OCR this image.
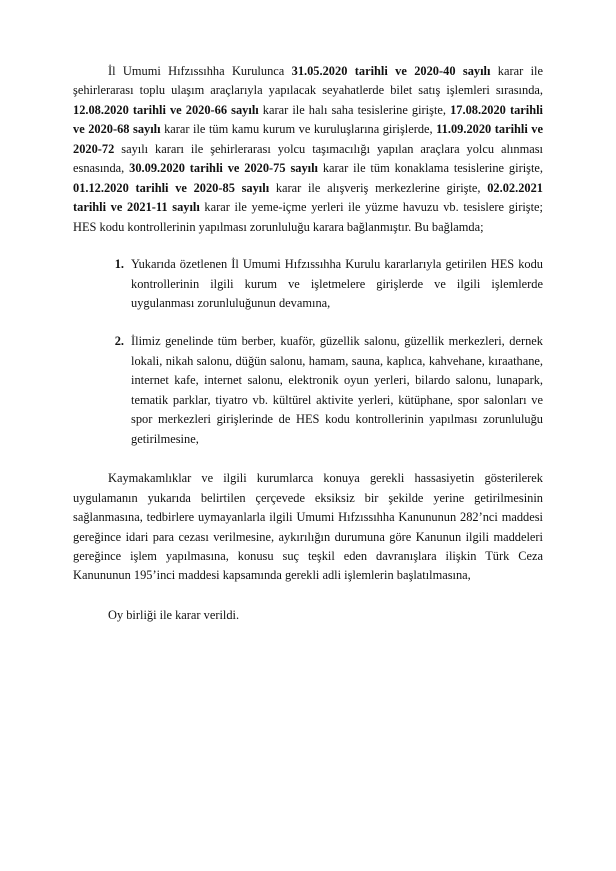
İl Umumi Hıfzıssıhha Kurulunca 31.05.2020 tarihli ve 2020-40 sayılı karar ile şehirlerarası toplu ulaşım araçlarıyla yapılacak seyahatlerde bilet satış işlemleri sırasında, 12.08.2020 tarihli ve 2020-66 sayılı karar ile halı saha tesislerine girişte, 17.08.2020 tarihli ve 2020-68 sayılı karar ile tüm kamu kurum ve kuruluşlarına girişlerde, 11.09.2020 tarihli ve 2020-72 sayılı kararı ile şehirlerarası yolcu taşımacılığı yapılan araçlara yolcu alınması esnasında, 30.09.2020 tarihli ve 2020-75 sayılı karar ile tüm konaklama tesislerine girişte, 01.12.2020 tarihli ve 2020-85 sayılı karar ile alışveriş merkezlerine girişte, 02.02.2021 tarihli ve 2021-11 sayılı karar ile yeme-içme yerleri ile yüzme havuzu vb. tesislere girişte; HES kodu kontrollerinin yapılması zorunluluğu karara bağlanmıştır. Bu bağlamda;

1. Yukarıda özetlenen İl Umumi Hıfzıssıhha Kurulu kararlarıyla getirilen HES kodu kontrollerinin ilgili kurum ve işletmelere girişlerde ve ilgili işlemlerde uygulanması zorunluluğunun devamına,
2. İlimiz genelinde tüm berber, kuaför, güzellik salonu, güzellik merkezleri, dernek lokali, nikah salonu, düğün salonu, hamam, sauna, kaplıca, kahvehane, kıraathane, internet kafe, internet salonu, elektronik oyun yerleri, bilardo salonu, lunapark, tematik parklar, tiyatro vb. kültürel aktivite yerleri, kütüphane, spor salonları ve spor merkezleri girişlerinde de HES kodu kontrollerinin yapılması zorunluluğu getirilmesine,

Kaymakamlıklar ve ilgili kurumlarca konuya gerekli hassasiyetin gösterilerek uygulamanın yukarıda belirtilen çerçevede eksiksiz bir şekilde yerine getirilmesinin sağlanmasına, tedbirlere uymayanlarla ilgili Umumi Hıfzıssıhha Kanununun 282’nci maddesi gereğince idari para cezası verilmesine, aykırılığın durumuna göre Kanunun ilgili maddeleri gereğince işlem yapılmasına, konusu suç teşkil eden davranışlara ilişkin Türk Ceza Kanununun 195’inci maddesi kapsamında gerekli adli işlemlerin başlatılmasına,

Oy birliği ile karar verildi.
